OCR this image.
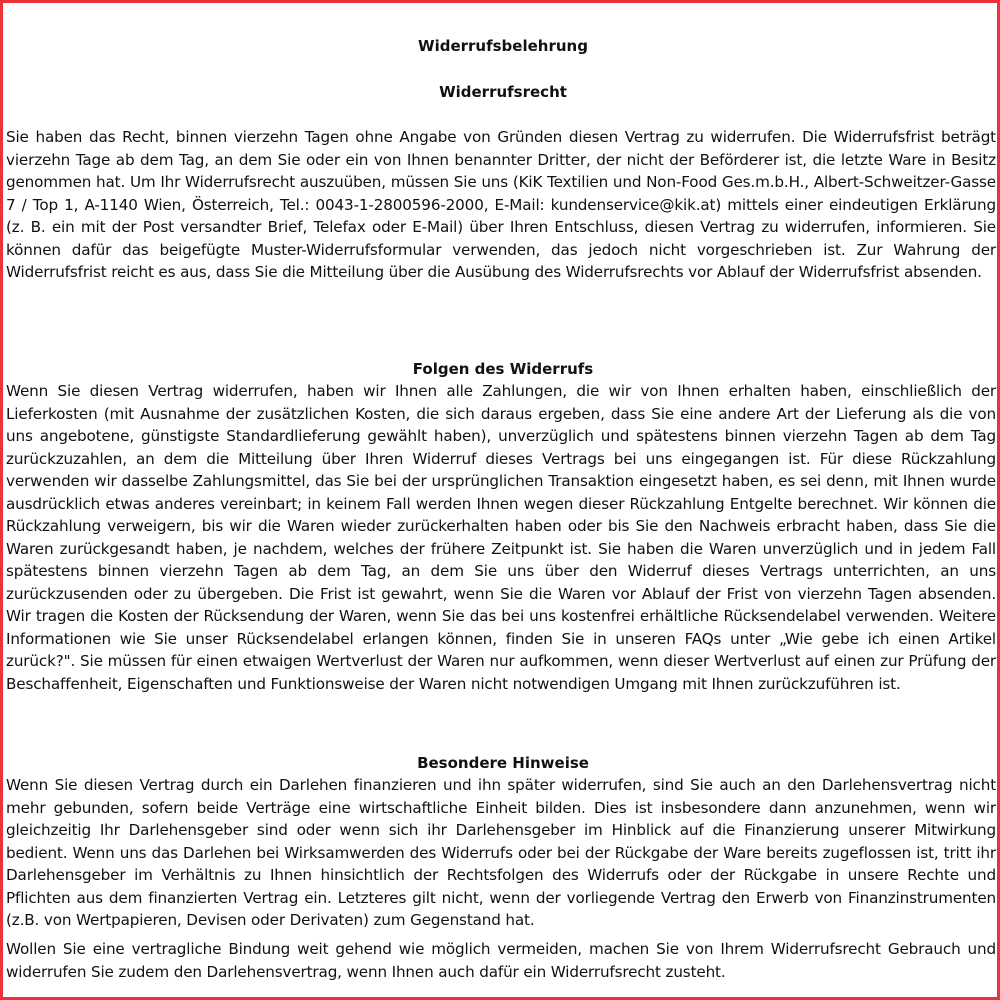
Widerrufsbelehrung
Widerrufsrecht

Sie haben das Recht, binnen vierzehn Tagen ohne Angabe von Gründen diesen Vertrag zu widerrufen. Die Widerrufsfrist beträgt vierzehn Tage ab dem Tag, an dem Sie oder ein von Ihnen benannter Dritter, der nicht der Beförderer ist, die letzte Ware in Besitz genommen hat. Um Ihr Widerrufsrecht auszuüben, müssen Sie uns (KiK Textilien und Non-Food Ges.m.b.H., Albert-Schweitzer-Gasse 7 / Top 1, A-1140 Wien, Österreich, Tel.: 0043-1-2800596-2000, E-Mail: kundenservice@kik.at) mittels einer eindeutigen Erklärung (z. B. ein mit der Post versandter Brief, Telefax oder E-Mail) über Ihren Entschluss, diesen Vertrag zu widerrufen, informieren. Sie können dafür das beigefügte Muster-Widerrufsformular verwenden, das jedoch nicht vorgeschrieben ist. Zur Wahrung der Widerrufsfrist reicht es aus, dass Sie die Mitteilung über die Ausübung des Widerrufsrechts vor Ablauf der Widerrufsfrist absenden.

Folgen des Widerrufs

Wenn Sie diesen Vertrag widerrufen, haben wir Ihnen alle Zahlungen, die wir von Ihnen erhalten haben, einschließlich der Lieferkosten (mit Ausnahme der zusätzlichen Kosten, die sich daraus ergeben, dass Sie eine andere Art der Lieferung als die von uns angebotene, günstigste Standardlieferung gewählt haben), unverzüglich und spätestens binnen vierzehn Tagen ab dem Tag zurückzuzahlen, an dem die Mitteilung über Ihren Widerruf dieses Vertrags bei uns eingegangen ist. Für diese Rückzahlung verwenden wir dasselbe Zahlungsmittel, das Sie bei der ursprünglichen Transaktion eingesetzt haben, es sei denn, mit Ihnen wurde ausdrücklich etwas anderes vereinbart; in keinem Fall werden Ihnen wegen dieser Rückzahlung Entgelte berechnet. Wir können die Rückzahlung verweigern, bis wir die Waren wieder zurückerhalten haben oder bis Sie den Nachweis erbracht haben, dass Sie die Waren zurückgesandt haben, je nachdem, welches der frühere Zeitpunkt ist. Sie haben die Waren unverzüglich und in jedem Fall spätestens binnen vierzehn Tagen ab dem Tag, an dem Sie uns über den Widerruf dieses Vertrags unterrichten, an uns zurückzusenden oder zu übergeben. Die Frist ist gewahrt, wenn Sie die Waren vor Ablauf der Frist von vierzehn Tagen absenden. Wir tragen die Kosten der Rücksendung der Waren, wenn Sie das bei uns kostenfrei erhältliche Rücksendelabel verwenden. Weitere Informationen wie Sie unser Rücksendelabel erlangen können, finden Sie in unseren FAQs unter „Wie gebe ich einen Artikel zurück?". Sie müssen für einen etwaigen Wertverlust der Waren nur aufkommen, wenn dieser Wertverlust auf einen zur Prüfung der Beschaffenheit, Eigenschaften und Funktionsweise der Waren nicht notwendigen Umgang mit Ihnen zurückzuführen ist.

Besondere Hinweise

Wenn Sie diesen Vertrag durch ein Darlehen finanzieren und ihn später widerrufen, sind Sie auch an den Darlehensvertrag nicht mehr gebunden, sofern beide Verträge eine wirtschaftliche Einheit bilden. Dies ist insbesondere dann anzunehmen, wenn wir gleichzeitig Ihr Darlehensgeber sind oder wenn sich ihr Darlehensgeber im Hinblick auf die Finanzierung unserer Mitwirkung bedient. Wenn uns das Darlehen bei Wirksamwerden des Widerrufs oder bei der Rückgabe der Ware bereits zugeflossen ist, tritt ihr Darlehensgeber im Verhältnis zu Ihnen hinsichtlich der Rechtsfolgen des Widerrufs oder der Rückgabe in unsere Rechte und Pflichten aus dem finanzierten Vertrag ein. Letzteres gilt nicht, wenn der vorliegende Vertrag den Erwerb von Finanzinstrumenten (z.B. von Wertpapieren, Devisen oder Derivaten) zum Gegenstand hat.

Wollen Sie eine vertragliche Bindung weit gehend wie möglich vermeiden, machen Sie von Ihrem Widerrufsrecht Gebrauch und widerrufen Sie zudem den Darlehensvertrag, wenn Ihnen auch dafür ein Widerrufsrecht zusteht.
